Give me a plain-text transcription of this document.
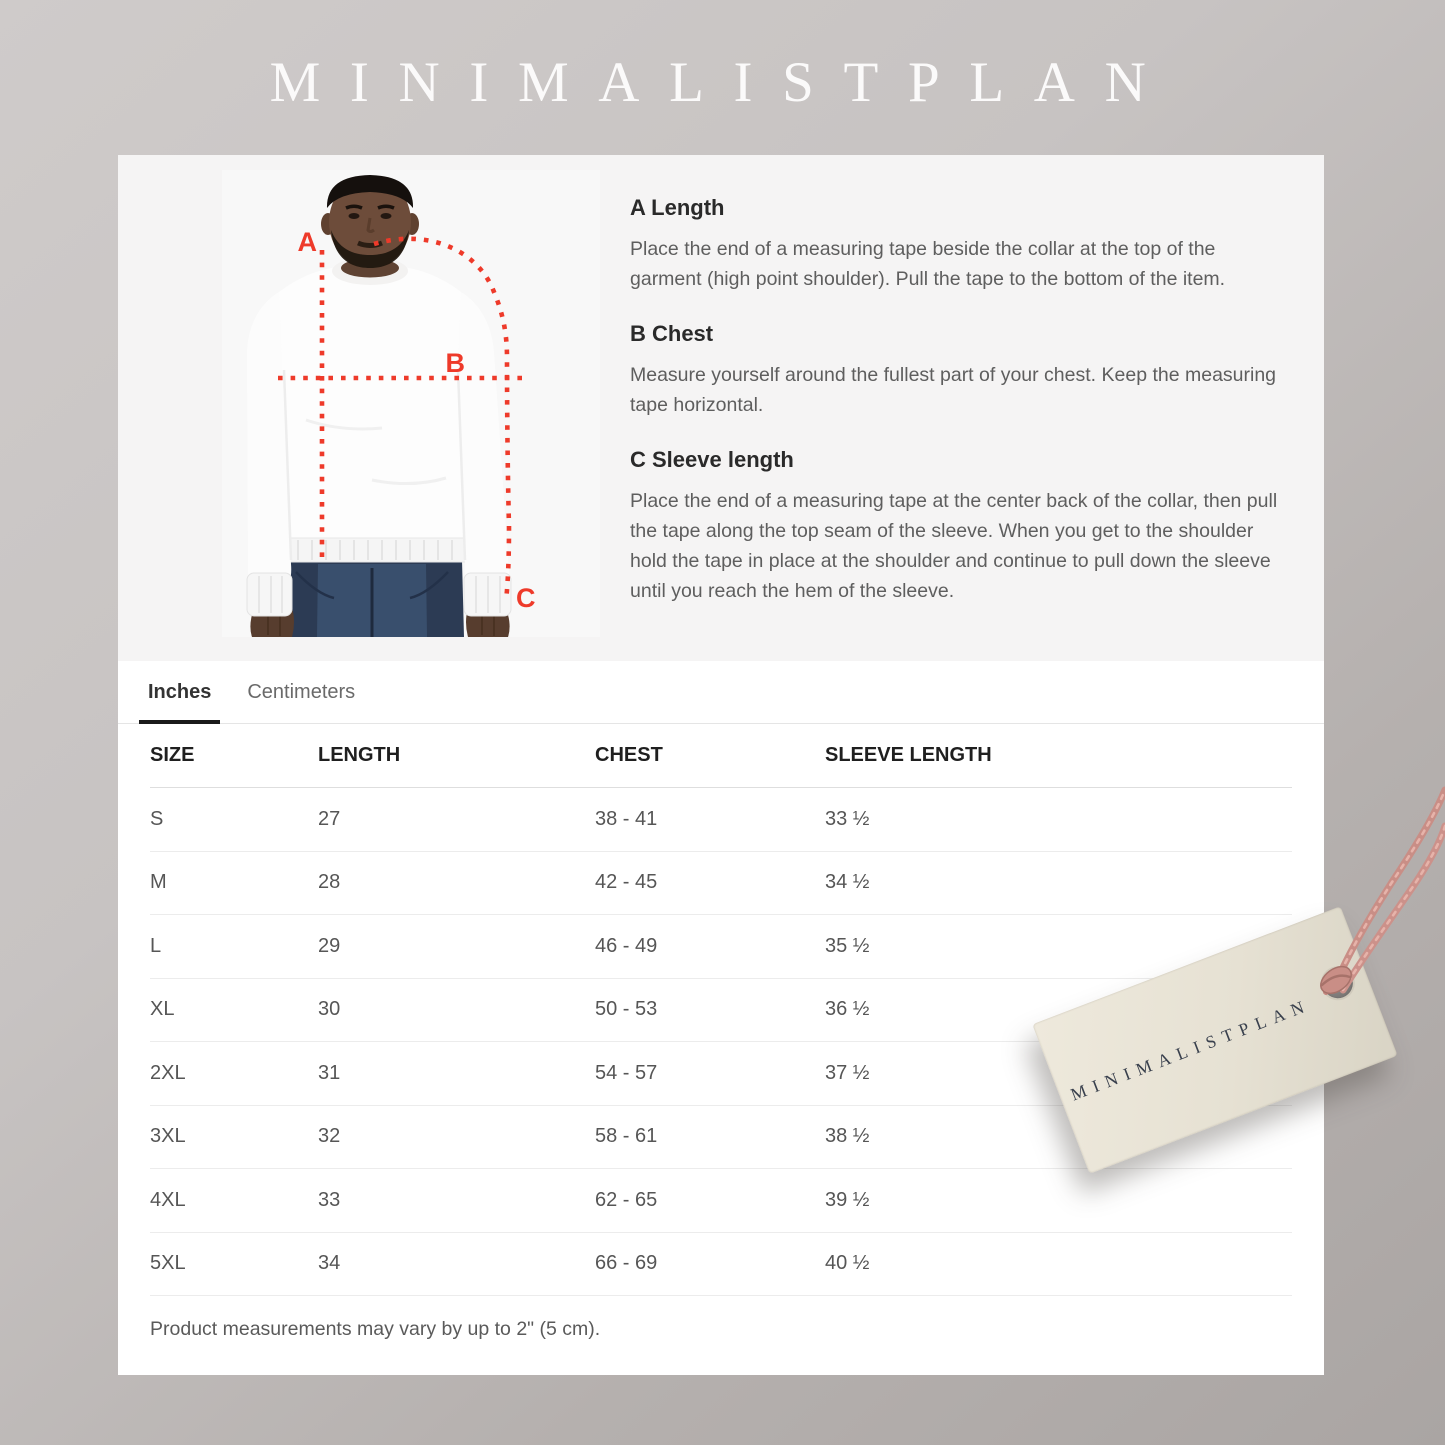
MINIMALISTPLAN
A
B
C
A Length

Place the end of a measuring tape beside the collar at the top of the garment (high point shoulder). Pull the tape to the bottom of the item.

B Chest

Measure yourself around the fullest part of your chest. Keep the measuring tape horizontal.

C Sleeve length

Place the end of a measuring tape at the center back of the collar, then pull the tape along the top seam of the sleeve. When you get to the shoulder hold the tape in place at the shoulder and continue to pull down the sleeve until you reach the hem of the sleeve.

Inches Centimeters
SIZE	LENGTH	CHEST	SLEEVE LENGTH
S	27	38 - 41	33 ½
M	28	42 - 45	34 ½
L	29	46 - 49	35 ½
XL	30	50 - 53	36 ½
2XL	31	54 - 57	37 ½
3XL	32	58 - 61	38 ½
4XL	33	62 - 65	39 ½
5XL	34	66 - 69	40 ½
Product measurements may vary by up to 2" (5 cm).
MINIMALISTPLAN
